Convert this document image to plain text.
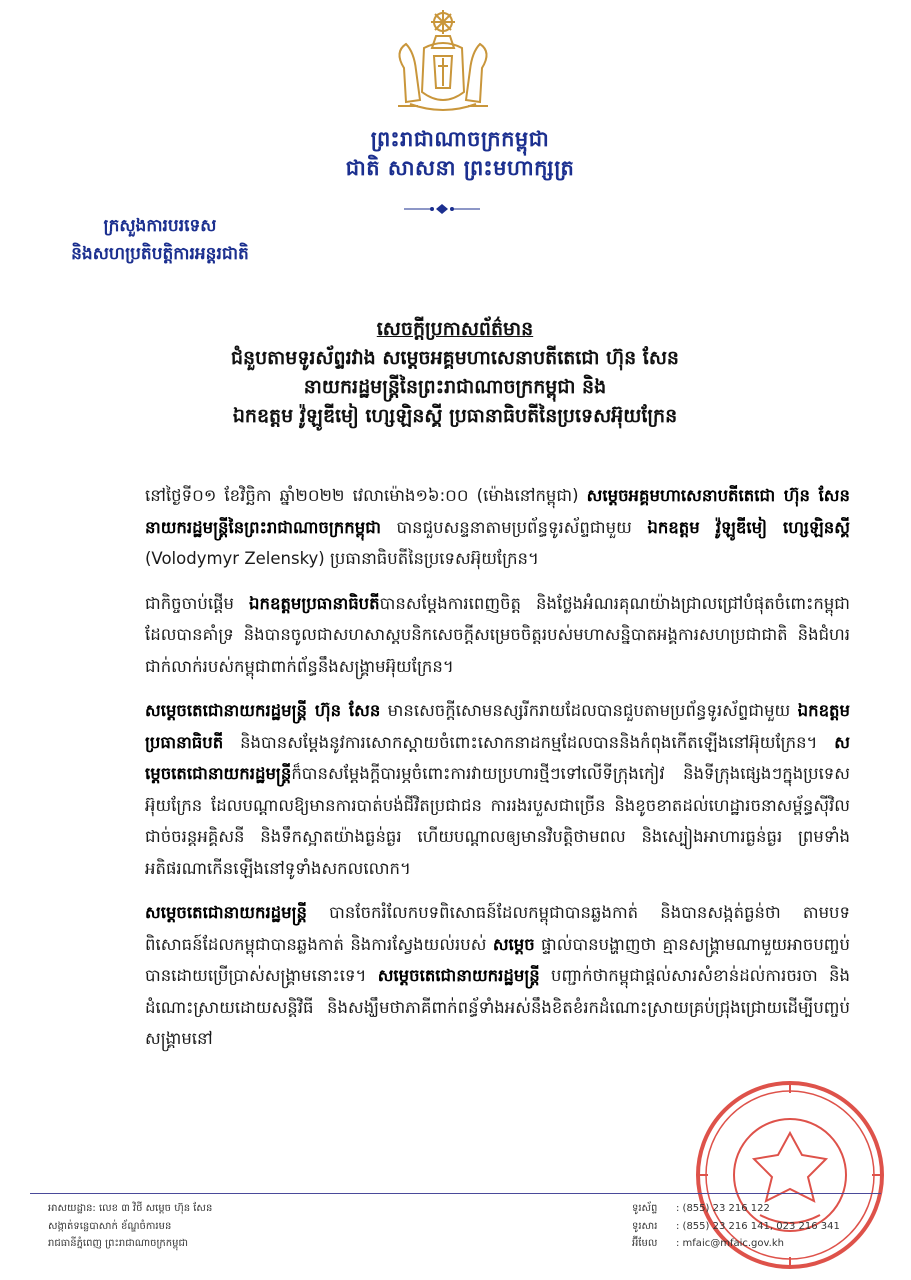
ព្រះរាជាណាចក្រកម្ពុជា
ជាតិ សាសនា ព្រះមហាក្សត្រ
ក្រសួងការបរទេស
និងសហប្រតិបត្តិការអន្តរជាតិ
សេចក្តីប្រកាសព័ត៌មាន
ជំនួបតាមទូរស័ព្ទរវាង សម្តេចអគ្គមហាសេនាបតីតេជោ ហ៊ុន សែន
នាយករដ្ឋមន្ត្រីនៃព្រះរាជាណាចក្រកម្ពុជា និង
ឯកឧត្តម វ៉ូឡូឌីមៀ ហ្សេឡិនស្គី ប្រធានាធិបតីនៃប្រទេសអ៊ុយក្រែន

នៅថ្ងៃទី០១ ខែវិច្ឆិកា ឆ្នាំ២០២២ វេលាម៉ោង១៦:០០ (ម៉ោងនៅកម្ពុជា) សម្តេចអគ្គមហាសេនាបតីតេជោ ហ៊ុន សែន នាយករដ្ឋមន្ត្រីនៃព្រះរាជាណាចក្រកម្ពុជា បានជួបសន្ទនាតាមប្រព័ន្ធទូរស័ព្ទជាមួយ ឯកឧត្តម វ៉ូឡូឌីមៀ ហ្សេឡិនស្គី (Volodymyr Zelensky) ប្រធានាធិបតីនៃប្រទេសអ៊ុយក្រែន។

ជាកិច្ចចាប់ផ្តើម ឯកឧត្តមប្រធានាធិបតីបានសម្តែងការពេញចិត្ត និងថ្លែងអំណរគុណយ៉ាងជ្រាលជ្រៅបំផុតចំពោះកម្ពុជាដែលបានគាំទ្រ និងបានចូលជាសហសាស្តបនិកសេចក្តីសម្រេចចិត្តរបស់មហាសន្និបាតអង្គការសហប្រជាជាតិ និងជំហរជាក់លាក់របស់កម្ពុជាពាក់ព័ន្ធនឹងសង្គ្រាមអ៊ុយក្រែន។

សម្តេចតេជោនាយករដ្ឋមន្ត្រី ហ៊ុន សែន មានសេចក្តីសោមនស្សរីករាយដែលបានជួបតាមប្រព័ន្ធទូរស័ព្ទជាមួយ ឯកឧត្តមប្រធានាធិបតី និងបានសម្តែងនូវការសោកស្តាយចំពោះសោកនាដកម្មដែលបាននិងកំពុងកើតឡើងនៅអ៊ុយក្រែន។ សម្តេចតេជោនាយករដ្ឋមន្ត្រីក៏បានសម្តែងក្តីបារម្ភចំពោះការវាយប្រហារថ្មីៗទៅលើទីក្រុងកៀវ និងទីក្រុងផ្សេងៗក្នុងប្រទេសអ៊ុយក្រែន ដែលបណ្តាលឱ្យមានការបាត់បង់ជីវិតប្រជាជន ការរងរបួសជាច្រើន និងខូចខាតដល់ហេដ្ឋារចនាសម្ព័ន្ធស៊ីវិល ជាច់ចរន្តអគ្គិសនី និងទឹកស្អាតយ៉ាងធ្ងន់ធ្ងរ ហើយបណ្តាលឲ្យមានវិបត្តិថាមពល និងស្បៀងអាហារធ្ងន់ធ្ងរ ព្រមទាំងអតិផរណាកើនឡើងនៅទូទាំងសកលលោក។

សម្តេចតេជោនាយករដ្ឋមន្ត្រី បានចែករំលែកបទពិសោធន៍ដែលកម្ពុជាបានឆ្លងកាត់ និងបានសង្កត់ធ្ងន់ថា តាមបទពិសោធន៍ដែលកម្ពុជាបានឆ្លងកាត់ និងការស្វែងយល់របស់ សម្តេច ផ្ទាល់បានបង្ហាញថា គ្មានសង្គ្រាមណាមួយអាចបញ្ចប់បានដោយប្រើប្រាស់សង្គ្រាមនោះទេ។ សម្តេចតេជោនាយករដ្ឋមន្ត្រី បញ្ជាក់ថាកម្ពុជាផ្តល់សារសំខាន់ដល់ការចរចា និងដំណោះស្រាយដោយសន្តិវិធី និងសង្ឃឹមថាភាគីពាក់ពន្ធ័ទាំងអស់នឹងខិតខំរកដំណោះស្រាយគ្រប់ជ្រុងជ្រោយដើម្បីបញ្ចប់សង្គ្រាមនៅ

អាសយដ្ឋាន: លេខ ៣ វិថី សម្តេច ហ៊ុន សែន
សង្កាត់ទន្លេបាសាក់ ខ័ណ្ឌចំការមន
រាជធានីភ្នំពេញ ព្រះរាជាណាចក្រកម្ពុជា
ទូរស័ព្ទ	: (855) 23 216 122
ទូរសារ	: (855) 23 216 141, 023 216 341
អ៊ីមែល	: mfaic@mfaic.gov.kh
